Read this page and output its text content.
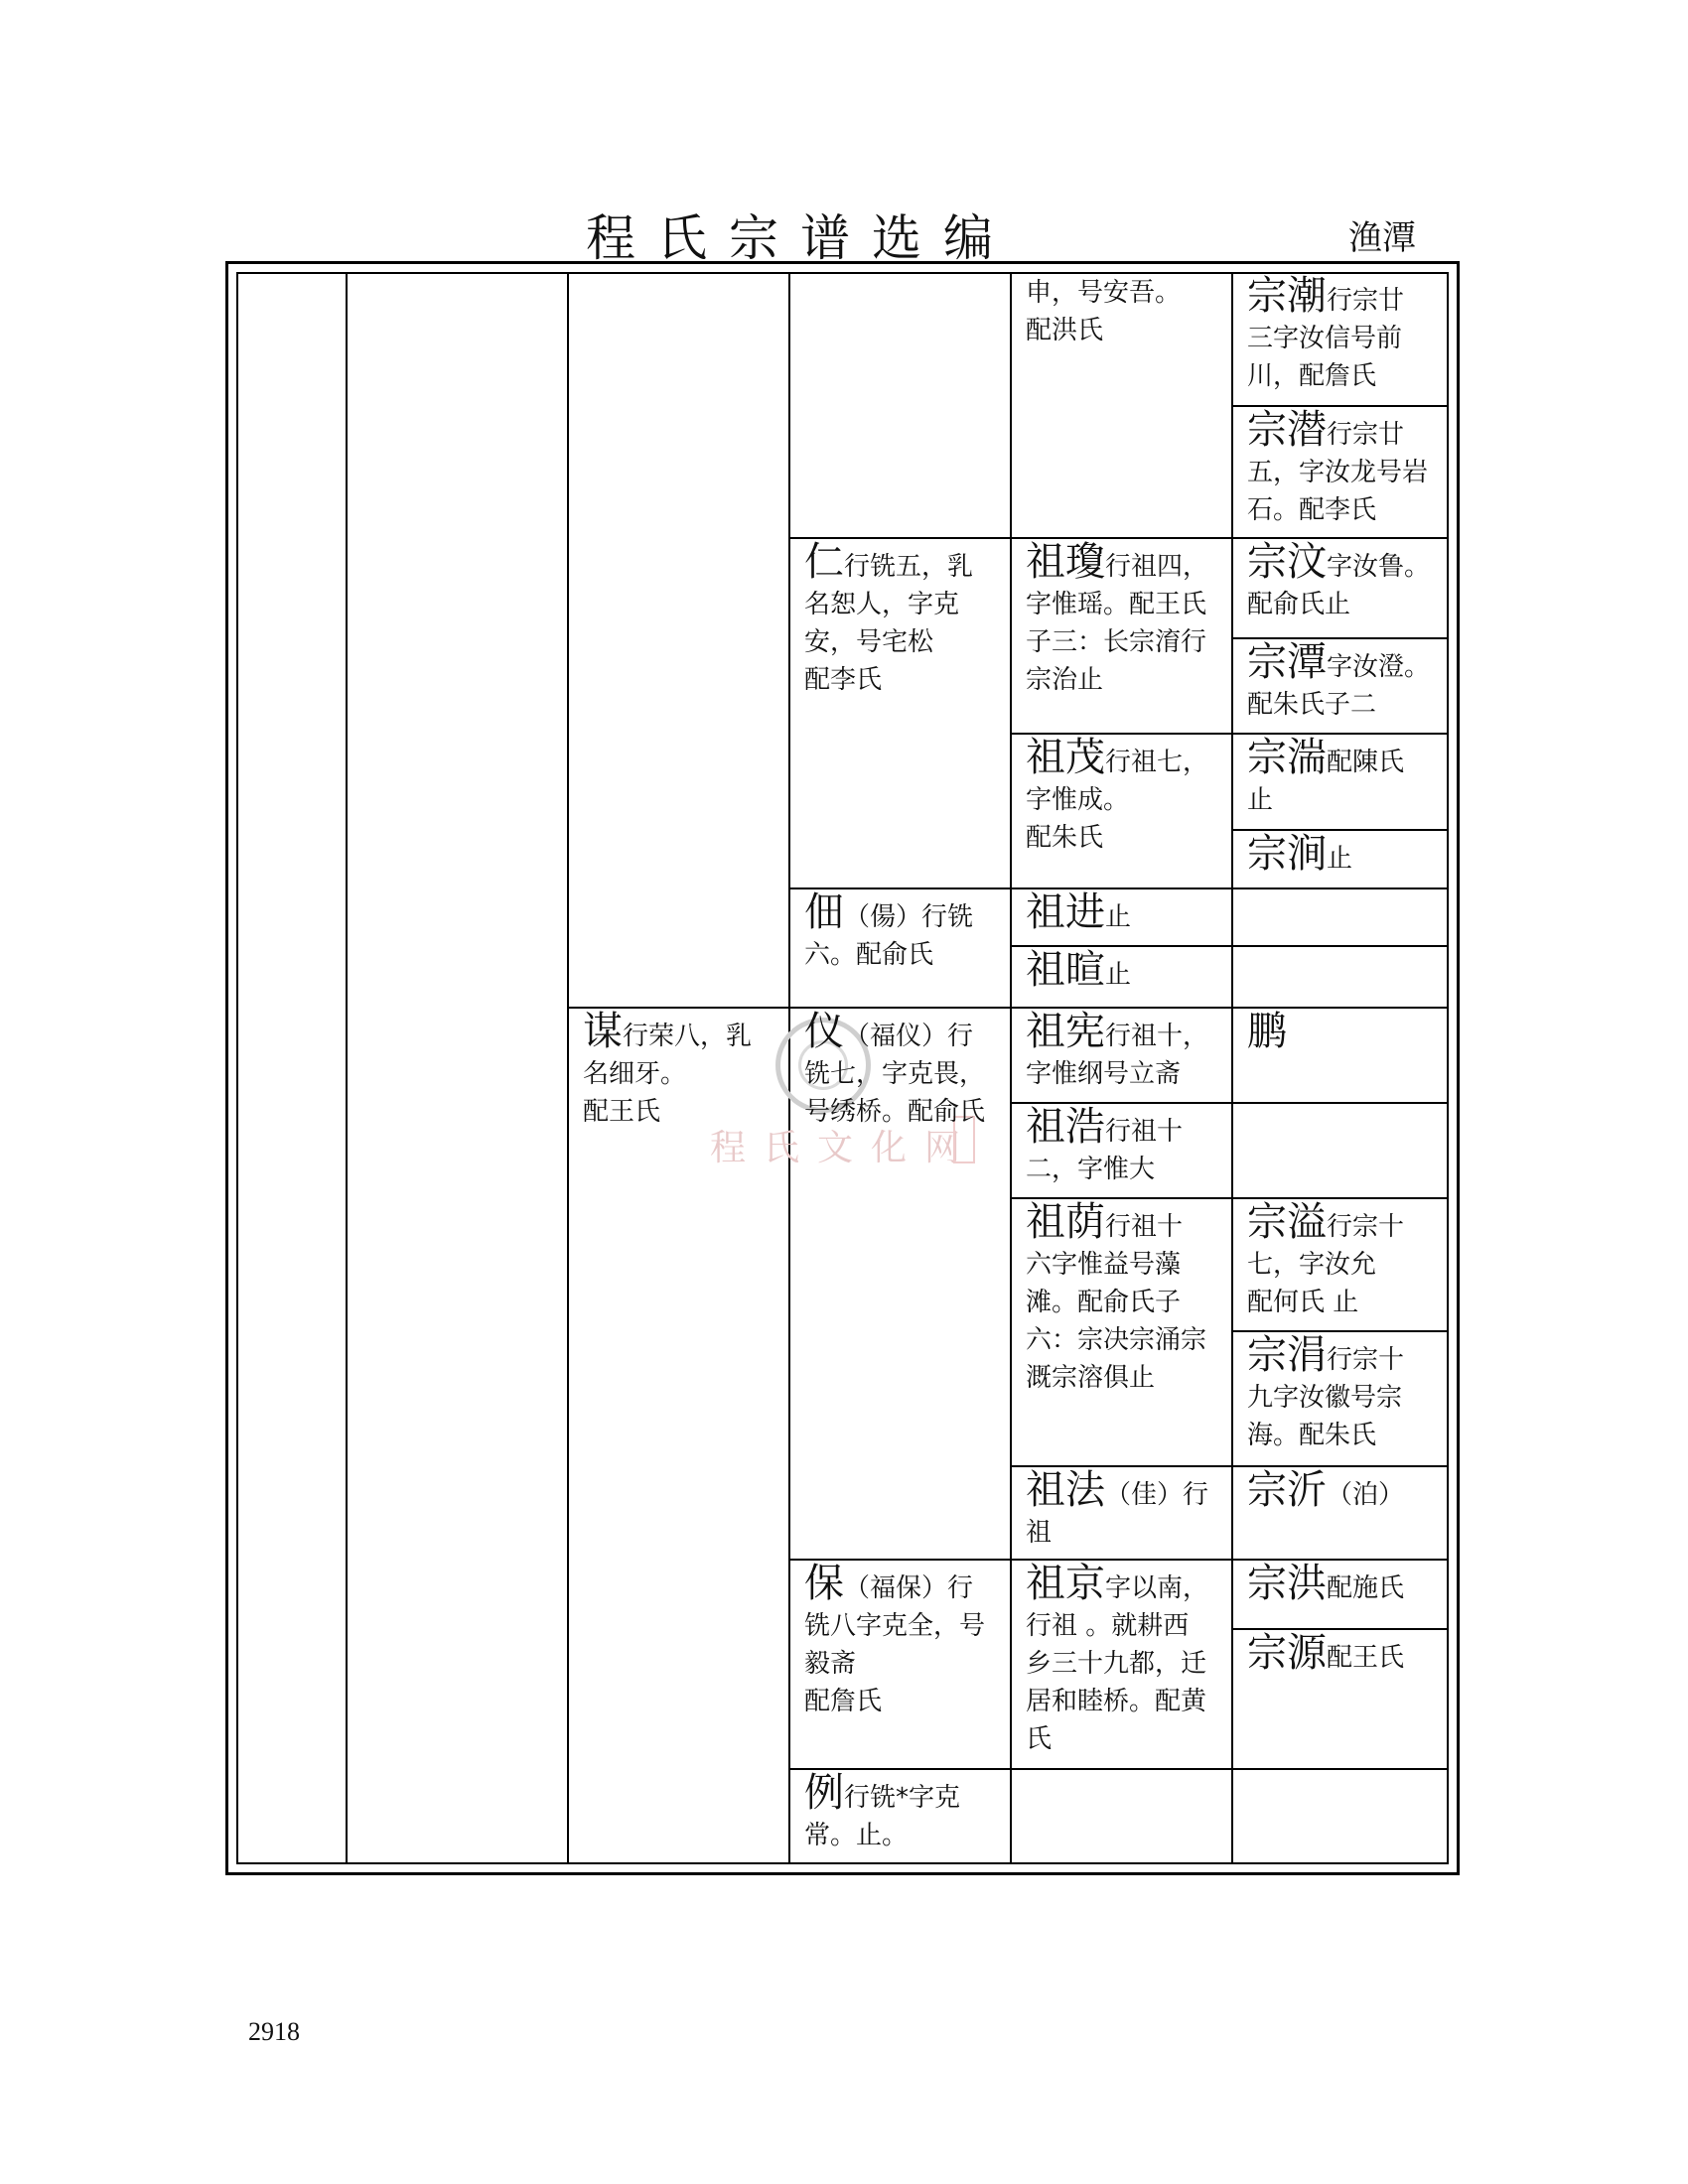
程氏宗谱选编	渔潭
程氏文化网
谋行荣八，乳
名细牙。
配王氏
仁行铣五，乳
名恕人，字克
安，号宅松
配李氏
佃（偒）行铣
六。配俞氏
仪（福仪）行
铣七，字克畏，
号绣桥。配俞氏
保（福保）行
铣八字克全，号
毅斋
配詹氏
例行铣*字克
常。止。
申，号安吾。
配洪氏
祖瓊行祖四，
字惟瑶。配王氏
子三：长宗淯行
宗治止
祖茂行祖七，
字惟成。
配朱氏
祖进止
祖暄止
祖宪行祖十，
字惟纲号立斋
祖浩行祖十
二，字惟大
祖荫行祖十
六字惟益号藻
滩。配俞氏子
六：宗决宗涌宗
溉宗溶俱止
祖法（佳）行
祖
祖京字以南，
行祖 。就耕西
乡三十九都，迁
居和睦桥。配黄
氏
宗潮行宗廿
三字汝信号前
川，配詹氏
宗潜行宗廿
五，字汝龙号岩
石。配李氏
宗汶字汝鲁。
配俞氏止
宗潭字汝澄。
配朱氏子二
宗湍配陳氏
止
宗涧止
鹏
宗溢行宗十
七，字汝允
配何氏 止
宗涓行宗十
九字汝徽号宗
海。配朱氏
宗沂（泊）
宗洪配施氏
宗源配王氏
2918
